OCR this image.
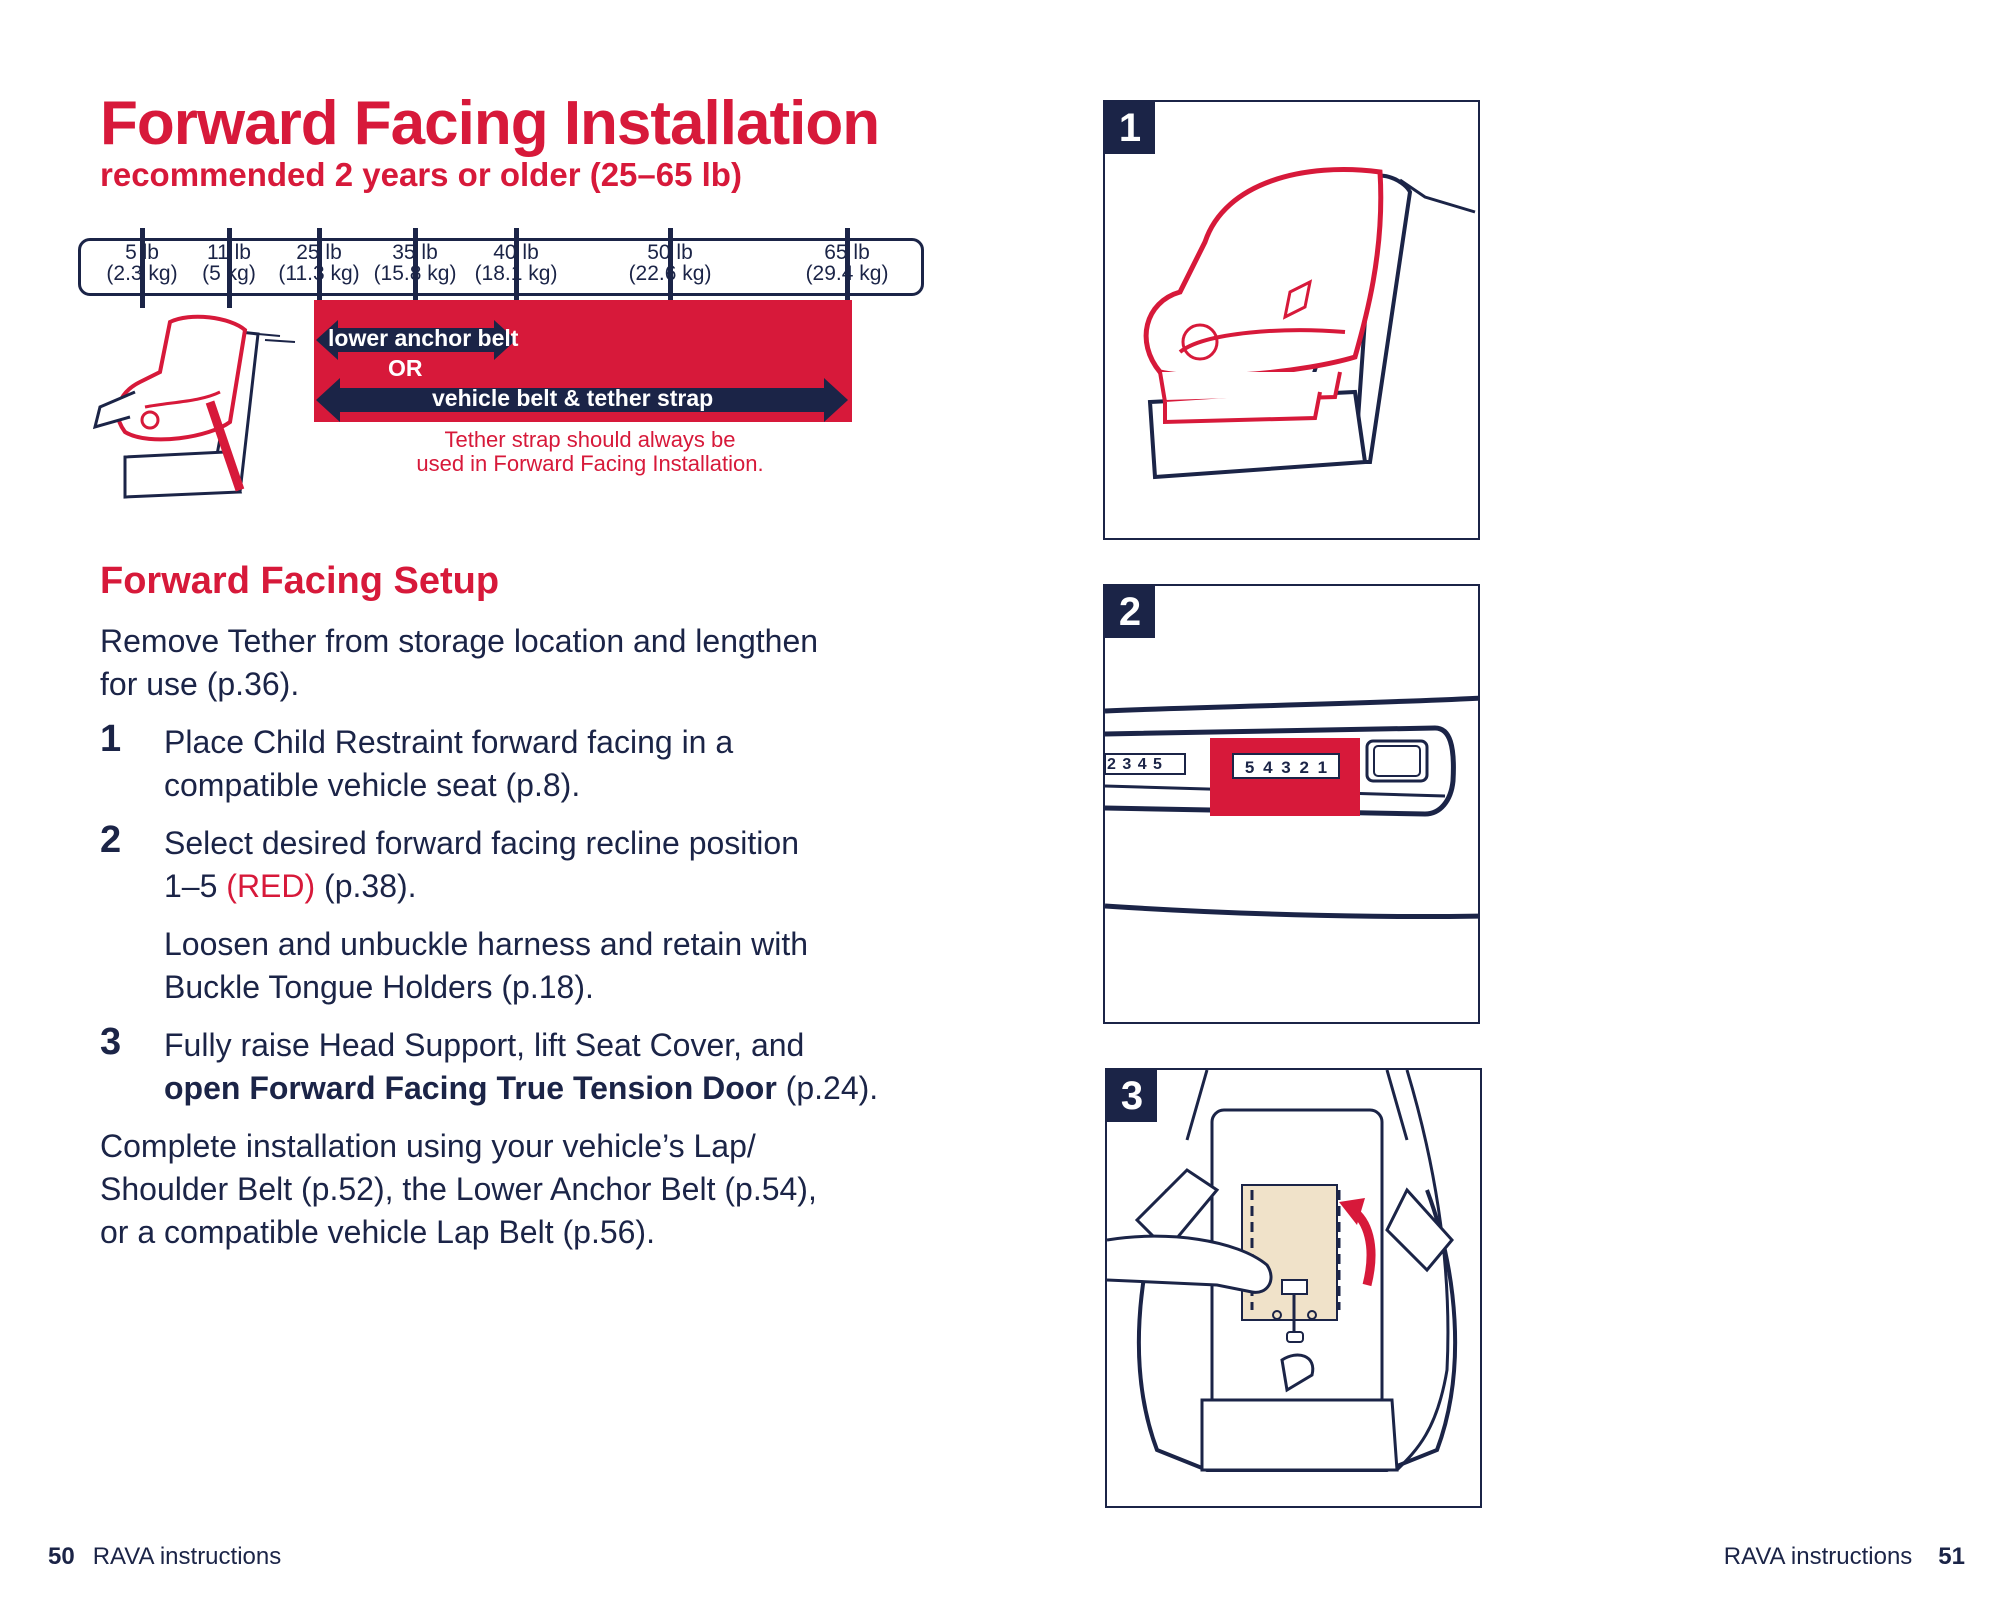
Forward Facing Installation
recommended 2 years or older (25–65 lb)
5 lb
(2.3 kg)
11 lb
(5 kg)
25 lb
(11.3 kg)
35 lb
(15.8 kg)
40 lb
(18.1 kg)
50 lb
(22.6 kg)
65 lb
(29.4 kg)
lower anchor belt
OR
vehicle belt & tether strap
Tether strap should always be
used in Forward Facing Installation.
Forward Facing Setup
Remove Tether from storage location and lengthen
for use (p.36).
1 Place Child Restraint forward facing in a
compatible vehicle seat (p.8).
2 Select desired forward facing recline position
1–5 (RED) (p.38).
Loosen and unbuckle harness and retain with
Buckle Tongue Holders (p.18).
3 Fully raise Head Support, lift Seat Cover, and
open Forward Facing True Tension Door (p.24).
Complete installation using your vehicle’s Lap/
Shoulder Belt (p.52), the Lower Anchor Belt (p.54),
or a compatible vehicle Lap Belt (p.56).
1
2
2 3 4 5	5 4 3 2 1
3
50 RAVA instructions	RAVA instructions 51
